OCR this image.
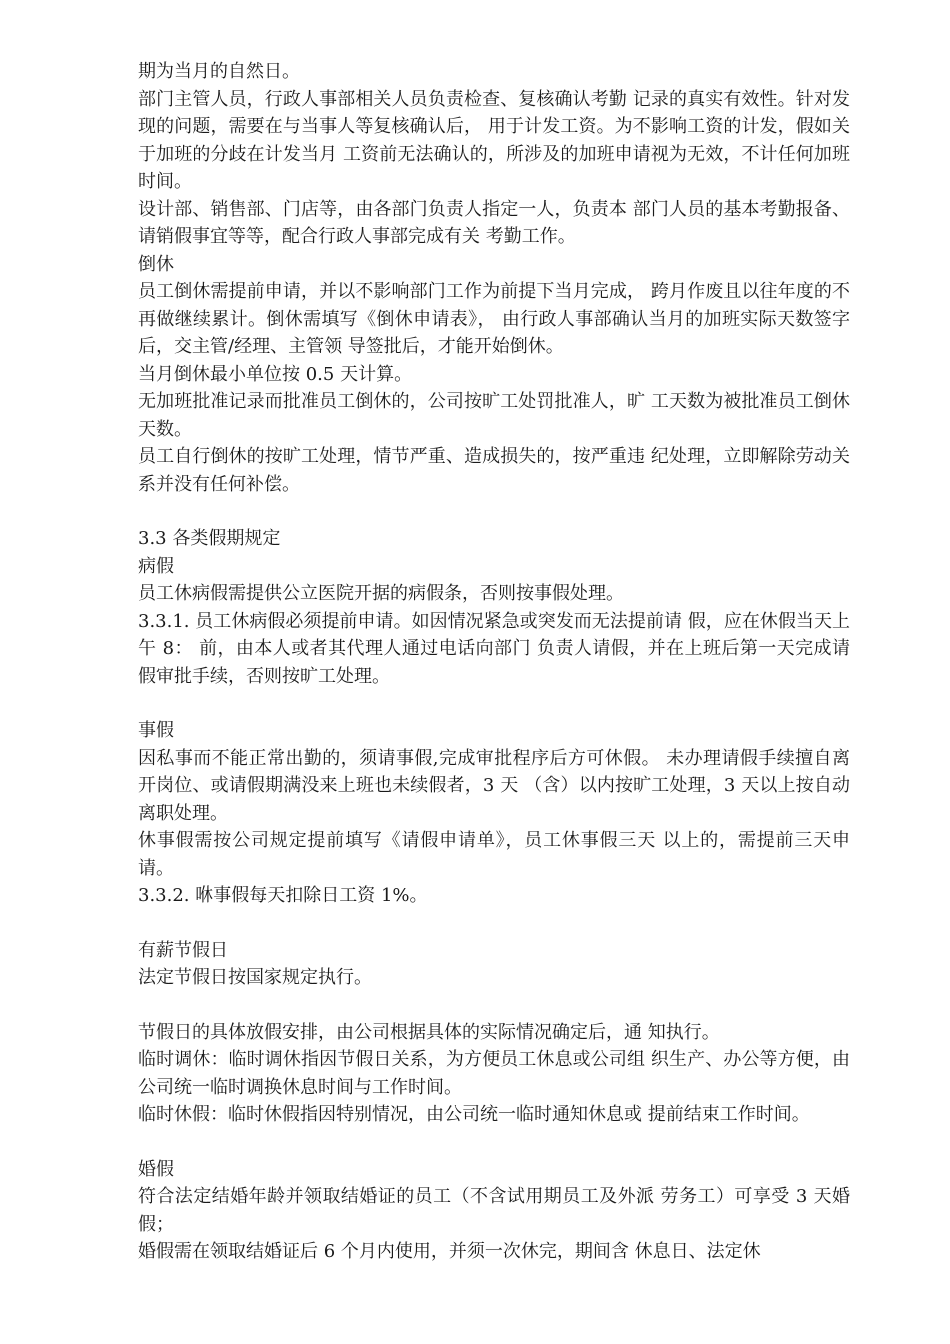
期为当月的自然日。

部门主管人员，行政人事部相关人员负责检查、复核确认考勤 记录的真实有效性。针对发现的问题，需要在与当事人等复核确认后， 用于计发工资。为不影响工资的计发，假如关于加班的分歧在计发当月 工资前无法确认的，所涉及的加班申请视为无效，不计任何加班时间。

设计部、销售部、门店等，由各部门负责人指定一人，负责本 部门人员的基本考勤报备、请销假事宜等等，配合行政人事部完成有关 考勤工作。

倒休

员工倒休需提前申请，并以不影响部门工作为前提下当月完成， 跨月作废且以往年度的不再做继续累计。倒休需填写《倒休申请表》， 由行政人事部确认当月的加班实际天数签字后，交主管/经理、主管领 导签批后，才能开始倒休。

当月倒休最小单位按 0.5 天计算。

无加班批准记录而批准员工倒休的，公司按旷工处罚批准人，旷 工天数为被批准员工倒休天数。

员工自行倒休的按旷工处理，情节严重、造成损失的，按严重违 纪处理，立即解除劳动关系并没有任何补偿。

3.3 各类假期规定

病假

员工休病假需提供公立医院开据的病假条，否则按事假处理。

3.3.1. 员工休病假必须提前申请。如因情况紧急或突发而无法提前请 假，应在休假当天上午 8： 前，由本人或者其代理人通过电话向部门 负责人请假，并在上班后第一天完成请假审批手续，否则按旷工处理。

事假

因私事而不能正常出勤的，须请事假,完成审批程序后方可休假。 未办理请假手续擅自离开岗位、或请假期满没来上班也未续假者，3 天 （含）以内按旷工处理，3 天以上按自动离职处理。

休事假需按公司规定提前填写《请假申请单》，员工休事假三天 以上的，需提前三天申请。

3.3.2. 咻事假每天扣除日工资 1%。

有薪节假日

法定节假日按国家规定执行。

节假日的具体放假安排，由公司根据具体的实际情况确定后，通 知执行。

临时调休：临时调休指因节假日关系，为方便员工休息或公司组 织生产、办公等方便，由公司统一临时调换休息时间与工作时间。

临时休假：临时休假指因特别情况，由公司统一临时通知休息或 提前结束工作时间。

婚假

符合法定结婚年龄并领取结婚证的员工（不含试用期员工及外派 劳务工）可享受 3 天婚假；

婚假需在领取结婚证后 6 个月内使用，并须一次休完，期间含 休息日、法定休
